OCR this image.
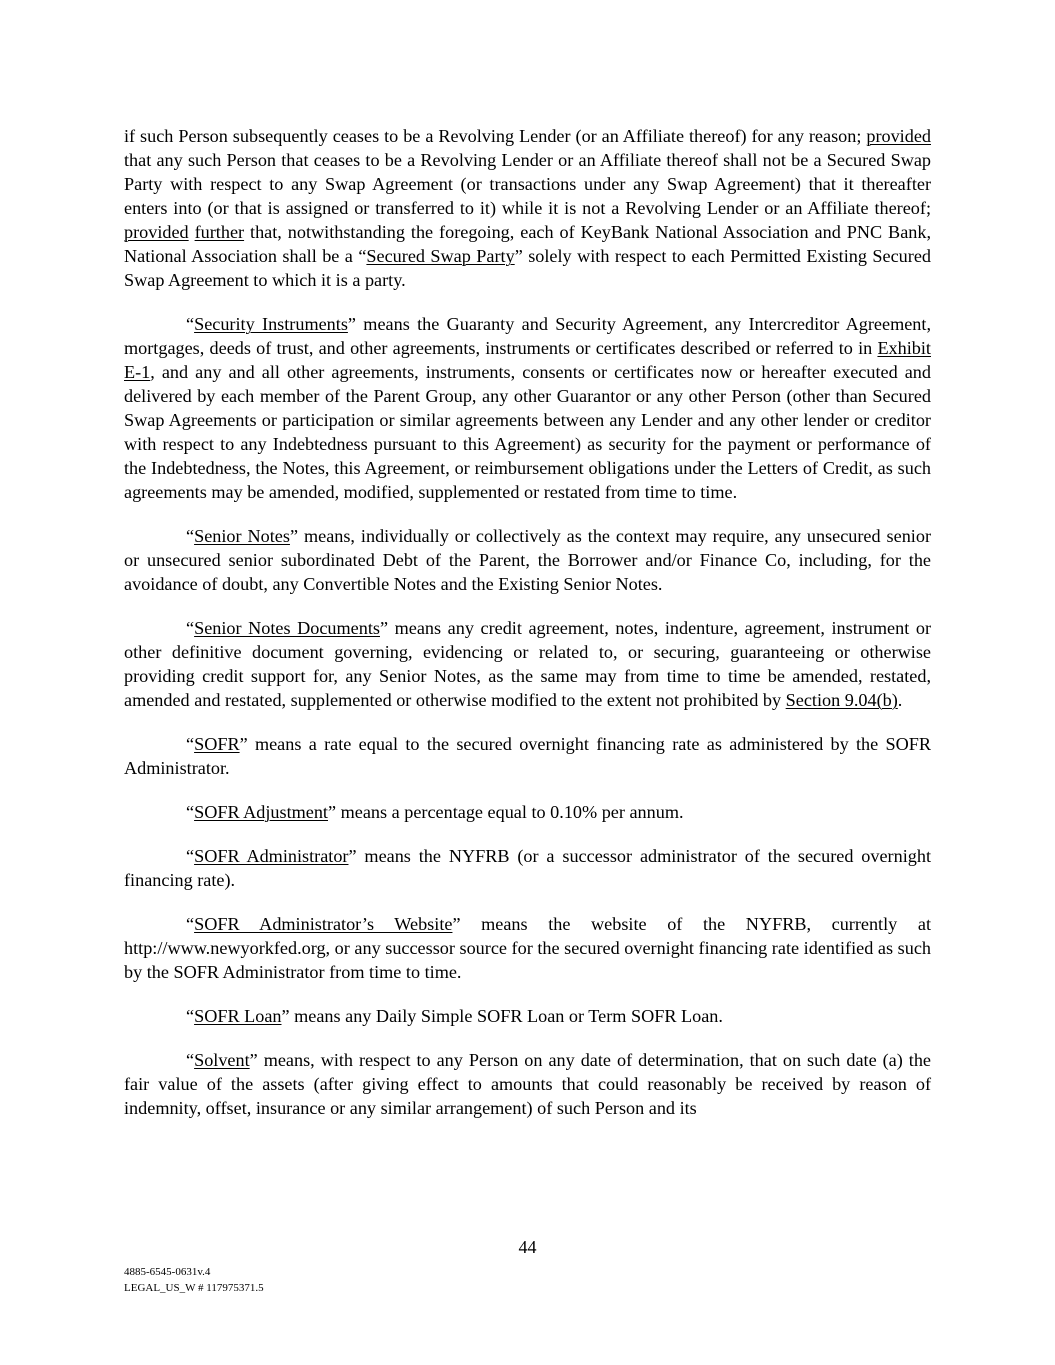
if such Person subsequently ceases to be a Revolving Lender (or an Affiliate thereof) for any reason; provided that any such Person that ceases to be a Revolving Lender or an Affiliate thereof shall not be a Secured Swap Party with respect to any Swap Agreement (or transactions under any Swap Agreement) that it thereafter enters into (or that is assigned or transferred to it) while it is not a Revolving Lender or an Affiliate thereof; provided further that, notwithstanding the foregoing, each of KeyBank National Association and PNC Bank, National Association shall be a “Secured Swap Party” solely with respect to each Permitted Existing Secured Swap Agreement to which it is a party.

“Security Instruments” means the Guaranty and Security Agreement, any Intercreditor Agreement, mortgages, deeds of trust, and other agreements, instruments or certificates described or referred to in Exhibit E-1, and any and all other agreements, instruments, consents or certificates now or hereafter executed and delivered by each member of the Parent Group, any other Guarantor or any other Person (other than Secured Swap Agreements or participation or similar agreements between any Lender and any other lender or creditor with respect to any Indebtedness pursuant to this Agreement) as security for the payment or performance of the Indebtedness, the Notes, this Agreement, or reimbursement obligations under the Letters of Credit, as such agreements may be amended, modified, supplemented or restated from time to time.

“Senior Notes” means, individually or collectively as the context may require, any unsecured senior or unsecured senior subordinated Debt of the Parent, the Borrower and/or Finance Co, including, for the avoidance of doubt, any Convertible Notes and the Existing Senior Notes.

“Senior Notes Documents” means any credit agreement, notes, indenture, agreement, instrument or other definitive document governing, evidencing or related to, or securing, guaranteeing or otherwise providing credit support for, any Senior Notes, as the same may from time to time be amended, restated, amended and restated, supplemented or otherwise modified to the extent not prohibited by Section 9.04(b).

“SOFR” means a rate equal to the secured overnight financing rate as administered by the SOFR Administrator.

“SOFR Adjustment” means a percentage equal to 0.10% per annum.

“SOFR Administrator” means the NYFRB (or a successor administrator of the secured overnight financing rate).

“SOFR Administrator’s Website” means the website of the NYFRB, currently at http://www.newyorkfed.org, or any successor source for the secured overnight financing rate identified as such by the SOFR Administrator from time to time.

“SOFR Loan” means any Daily Simple SOFR Loan or Term SOFR Loan.

“Solvent” means, with respect to any Person on any date of determination, that on such date (a) the fair value of the assets (after giving effect to amounts that could reasonably be received by reason of indemnity, offset, insurance or any similar arrangement) of such Person and its

44
4885-6545-0631v.4
LEGAL_US_W # 117975371.5
